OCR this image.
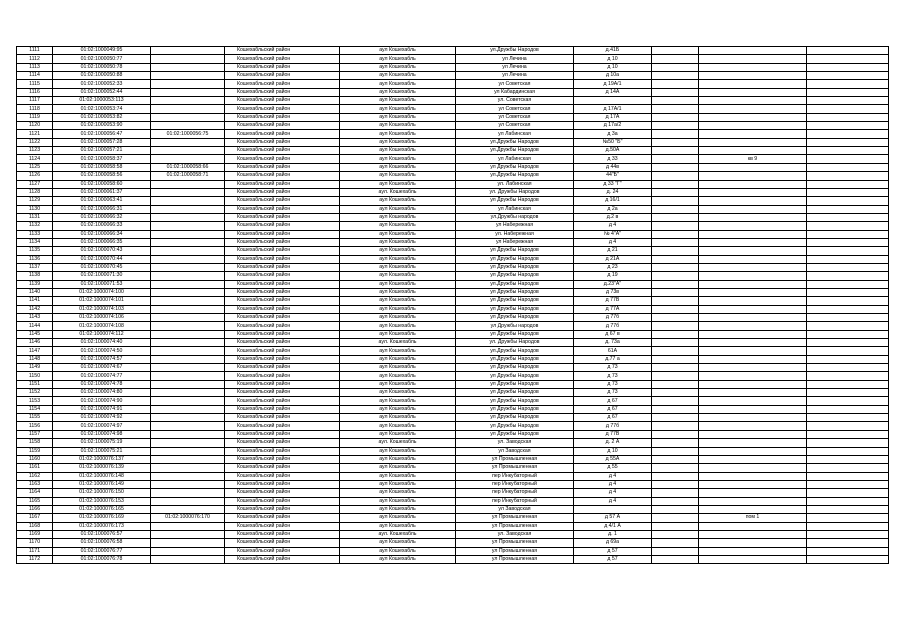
1111	01:02:1000049:95		Кошехабльский район	аул Кошехабль	ул.Дружбы Народов	д.41Б			
1112	01:02:1000050:77		Кошехабльский район	аул Кошехабль	ул Лечина	д 10			
1113	01:02:1000050:78		Кошехабльский район	аул Кошехабль	ул Лечина	д 10			
1114	01:02:1000050:88		Кошехабльский район	аул Кошехабль	ул Лечина	д 10а			
1115	01:02:1000052:33		Кошехабльский район	аул Кошехабль	ул Советская	д 19А/1			
1116	01:02:1000052:44		Кошехабльский район	аул Кошехабль	ул Кабардинская	д 14А			
1117	01:02:1000053:113		Кошехабльский район	аул Кошехабль	ул. Советская				
1118	01:02:1000053:74		Кошехабльский район	аул Кошехабль	ул Советская	д 17А/1			
1119	01:02:1000053:82		Кошехабльский район	аул Кошехабль	ул Советская	д 17А			
1120	01:02:1000053:90		Кошехабльский район	аул Кошехабль	ул Советская	д 17а/2			
1121	01:02:1000056:47	01:02:1000056:75	Кошехабльский район	аул Кошехабль	ул Лабинская	д 3а			
1122	01:02:1000057:28		Кошехабльский район	аул Кошехабль	ул.Дружбы Народов	№50 "Б"			
1123	01:02:1000057:21		Кошехабльский район	аул Кошехабль	ул.Дружбы Народов	д.50А			
1124	01:02:1000058:37		Кошехабльский район	аул Кошехабль	ул Лабинская	д 33		кв 9	
1125	01:02:1000058:58	01:02:1000058:66	Кошехабльский район	аул Кошехабль	ул Дружбы Народов	д 44в			
1126	01:02:1000058:56	01:02:1000058:71	Кошехабльский район	аул Кошехабль	ул.Дружбы Народов	44"Б"			
1127	01:02:1000058:60		Кошехабльский район	аул Кошехабль	ул. Лабинская	д 33 "Г"			
1128	01:02:1000061:37		Кошехабльский район	аул. Кошехабль	ул. Дружбы Народов	д. 24			
1129	01:02:1000063:41		Кошехабльский район	аул Кошехабль	ул Дружбы Народов	д 16/1			
1130	01:02:1000066:31		Кошехабльский район	аул Кошехабль	ул Лабинская	д 2а			
1131	01:02:1000066:32		Кошехабльский район	аул Кошехабль	ул.Дружбы народов	д.2 в			
1132	01:02:1000066:33		Кошехабльский район	аул Кошехабль	ул Набережная	д 4			
1133	01:02:1000066:34		Кошехабльский район	аул Кошехабль	ул. Набережная	№ 4"А"			
1134	01:02:1000066:35		Кошехабльский район	аул Кошехабль	ул Набережная	д 4			
1135	01:02:1000070:43		Кошехабльский район	аул Кошехабль	ул Дружбы Народов	д 21			
1136	01:02:1000070:44		Кошехабльский район	аул Кошехабль	ул Дружбы Народов	д 21А			
1137	01:02:1000070:45		Кошехабльский район	аул Кошехабль	ул Дружбы Народов	д 23			
1138	01:02:1000071:30		Кошехабльский район	аул Кошехабль	ул Дружбы Народов	д 19			
1139	01:02:1000071:53		Кошехабльский район	аул Кошехабль	ул.Дружбы Народов	д.23"А"			
1140	01:02:1000074:100		Кошехабльский район	аул Кошехабль	ул Дружбы Народов	д 73в			
1141	01:02:1000074:101		Кошехабльский район	аул Кошехабль	ул Дружбы Народов	д 77В			
1142	01:02:1000074:103		Кошехабльский район	аул Кошехабль	ул Дружбы Народов	д 77А			
1143	01:02:1000074:106		Кошехабльский район	аул Кошехабль	ул Дружбы Народов	д 77б			
1144	01:02:1000074:108		Кошехабльский район	аул Кошехабль	ул Дружбы народов	д 77б			
1145	01:02:1000074:112		Кошехабльский район	аул Кошехабль	ул Дружбы Народов	д 67 в			
1146	01:02:1000074:40		Кошехабльский район	аул. Кошехабль	ул. Дружбы Народов	д. 73а			
1147	01:02:1000074:50		Кошехабльский район	аул Кошехабль	ул.Дружбы Народов	61А			
1148	01:02:1000074:57		Кошехабльский район	аул Кошехабль	ул.Дружбы Народов	д.77 а			
1149	01:02:1000074:67		Кошехабльский район	аул Кошехабль	ул Дружбы Народов	д 73			
1150	01:02:1000074:77		Кошехабльский район	аул Кошехабль	ул Дружбы Народов	д 73			
1151	01:02:1000074:78		Кошехабльский район	аул Кошехабль	ул Дружбы Народов	д 73			
1152	01:02:1000074:80		Кошехабльский район	аул Кошехабль	ул Дружбы Народов	д 73			
1153	01:02:1000074:90		Кошехабльский район	аул Кошехабль	ул Дружбы Народов	д 67			
1154	01:02:1000074:91		Кошехабльский район	аул Кошехабль	ул Дружбы Народов	д 67			
1155	01:02:1000074:92		Кошехабльский район	аул Кошехабль	ул Дружбы Народов	д 67			
1156	01:02:1000074:97		Кошехабльский район	аул Кошехабль	ул Дружбы Народов	д 77б			
1157	01:02:1000074:98		Кошехабльский район	аул Кошехабль	ул Дружбы Народов	д 77В			
1158	01:02:1000075:19		Кошехабльский район	аул. Кошехабль	ул. Заводская	д. 2 А			
1159	01:02:1000075:21		Кошехабльский район	аул Кошехабль	ул Заводская	д 10			
1160	01:02:1000076:137		Кошехабльский район	аул Кошехабль	ул Промышленная	д 55А			
1161	01:02:1000076:139		Кошехабльский район	аул Кошехабль	ул Промышленная	д 55			
1162	01:02:1000076:148		Кошехабльский район	аул Кошехабль	пер Инкубаторный	д 4			
1163	01:02:1000076:149		Кошехабльский район	аул Кошехабль	пер Инкубаторный	д 4			
1164	01:02:1000076:150		Кошехабльский район	аул Кошехабль	пер Инкубаторный	д 4			
1165	01:02:1000076:153		Кошехабльский район	аул Кошехабль	пер Инкубаторный	д 4			
1166	01:02:1000076:165		Кошехабльский район	аул Кошехабль	ул Заводская				
1167	01:02:1000076:169	01:02:1000076:170	Кошехабльский район	аул Кошехабль	ул Промышленная	д 57 А		пом 1	
1168	01:02:1000076:173		Кошехабльский район	аул Кошехабль	ул Промышленная	д 4/1 А			
1169	01:02:1000076:57		Кошехабльский район	аул. Кошехабль	ул. Заводская	д. 1			
1170	01:02:1000076:58		Кошехабльский район	аул Кошехабль	ул Промышленная	д 69а			
1171	01:02:1000076:77		Кошехабльский район	аул Кошехабль	ул Промышленная	д 57			
1172	01:02:1000076:78		Кошехабльский район	аул Кошехабль	ул Промышленная	д 57			
